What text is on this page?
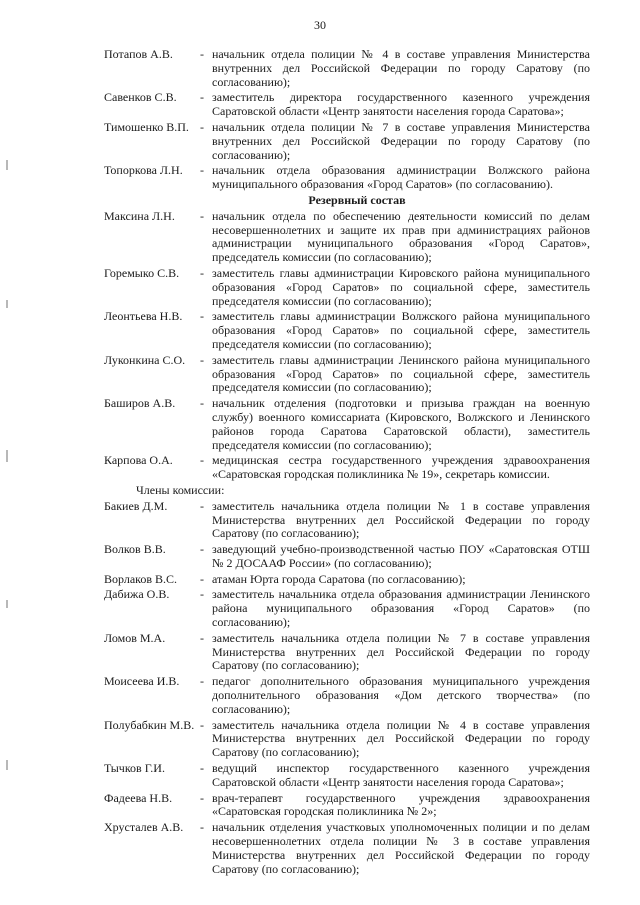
30
Потапов А.В.	- начальник отдела полиции № 4 в составе управления Министерства внутренних дел Российской Федерации по городу Саратову (по согласованию);
Савенков С.В.	- заместитель директора государственного казенного учреждения Саратовской области «Центр занятости населения города Саратова»;
Тимошенко В.П. - начальник отдела полиции № 7 в составе управления Министерства внутренних дел Российской Федерации по городу Саратову (по согласованию);
Топоркова Л.Н.	- начальник отдела образования администрации Волжского района муниципального образования «Город Саратов» (по согласованию).
Резервный состав
Максина Л.Н.	- начальник отдела по обеспечению деятельности комиссий по делам несовершеннолетних и защите их прав при администрациях районов администрации муниципального образования «Город Саратов», председатель комиссии (по согласованию);
Горемыко С.В.	- заместитель главы администрации Кировского района муниципального образования «Город Саратов» по социальной сфере, заместитель председателя комиссии (по согласованию);
Леонтьева Н.В.	- заместитель главы администрации Волжского района муниципального образования «Город Саратов» по социальной сфере, заместитель председателя комиссии (по согласованию);
Луконкина С.О.	- заместитель главы администрации Ленинского района муниципального образования «Город Саратов» по социальной сфере, заместитель председателя комиссии (по согласованию);
Баширов А.В.	- начальник отделения (подготовки и призыва граждан на военную службу) военного комиссариата (Кировского, Волжского и Ленинского районов города Саратова Саратовской области), заместитель председателя комиссии (по согласованию);
Карпова О.А.	- медицинская сестра государственного учреждения здравоохранения «Саратовская городская поликлиника № 19», секретарь комиссии.
Члены комиссии:
Бакиев Д.М.	- заместитель начальника отдела полиции № 1 в составе управления Министерства внутренних дел Российской Федерации по городу Саратову (по согласованию);
Волков В.В.	- заведующий учебно-производственной частью ПОУ «Саратовская ОТШ № 2 ДОСААФ России» (по согласованию);
Ворлаков В.С.	- атаман Юрта города Саратова (по согласованию);
Дабижа О.В.	- заместитель начальника отдела образования администрации Ленинского района муниципального образования «Город Саратов» (по согласованию);
Ломов М.А.	- заместитель начальника отдела полиции № 7 в составе управления Министерства внутренних дел Российской Федерации по городу Саратову (по согласованию);
Моисеева И.В.	- педагог дополнительного образования муниципального учреждения дополнительного образования «Дом детского творчества» (по согласованию);
Полубабкин М.В. - заместитель начальника отдела полиции № 4 в составе управления Министерства внутренних дел Российской Федерации по городу Саратову (по согласованию);
Тычков Г.И.	- ведущий инспектор государственного казенного учреждения Саратовской области «Центр занятости населения города Саратова»;
Фадеева Н.В.	- врач-терапевт государственного учреждения здравоохранения «Саратовская городская поликлиника № 2»;
Хрусталев А.В.	- начальник отделения участковых уполномоченных полиции и по делам несовершеннолетних отдела полиции № 3 в составе управления Министерства внутренних дел Российской Федерации по городу Саратову (по согласованию);
